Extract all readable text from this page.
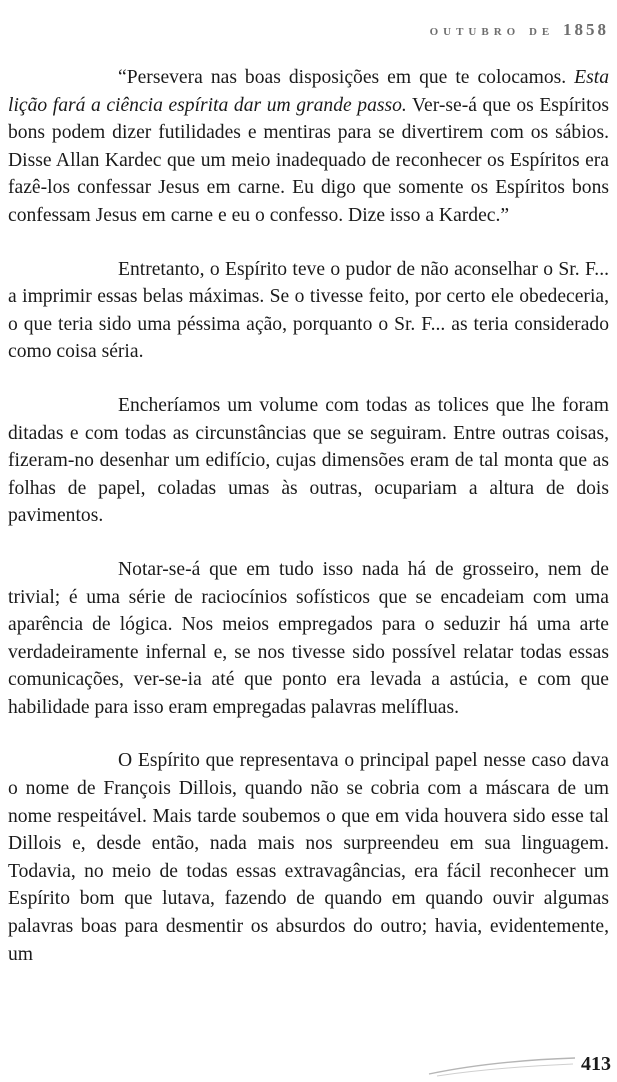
outubro de 1858

“Persevera nas boas disposições em que te colocamos. Esta lição fará a ciência espírita dar um grande passo. Ver-se-á que os Espíritos bons podem dizer futilidades e mentiras para se divertirem com os sábios. Disse Allan Kardec que um meio inadequado de reconhecer os Espíritos era fazê-los confessar Jesus em carne. Eu digo que somente os Espíritos bons confessam Jesus em carne e eu o confesso. Dize isso a Kardec.”

Entretanto, o Espírito teve o pudor de não aconselhar o Sr. F... a imprimir essas belas máximas. Se o tivesse feito, por certo ele obedeceria, o que teria sido uma péssima ação, porquanto o Sr. F... as teria considerado como coisa séria.

Encheríamos um volume com todas as tolices que lhe foram ditadas e com todas as circunstâncias que se seguiram. Entre outras coisas, fizeram-no desenhar um edifício, cujas dimensões eram de tal monta que as folhas de papel, coladas umas às outras, ocupariam a altura de dois pavimentos.

Notar-se-á que em tudo isso nada há de grosseiro, nem de trivial; é uma série de raciocínios sofísticos que se encadeiam com uma aparência de lógica. Nos meios empregados para o seduzir há uma arte verdadeiramente infernal e, se nos tivesse sido possível relatar todas essas comunicações, ver-se-ia até que ponto era levada a astúcia, e com que habilidade para isso eram empregadas palavras melífluas.

O Espírito que representava o principal papel nesse caso dava o nome de François Dillois, quando não se cobria com a máscara de um nome respeitável. Mais tarde soubemos o que em vida houvera sido esse tal Dillois e, desde então, nada mais nos surpreendeu em sua linguagem. Todavia, no meio de todas essas extravagâncias, era fácil reconhecer um Espírito bom que lutava, fazendo de quando em quando ouvir algumas palavras boas para desmentir os absurdos do outro; havia, evidentemente, um

413
